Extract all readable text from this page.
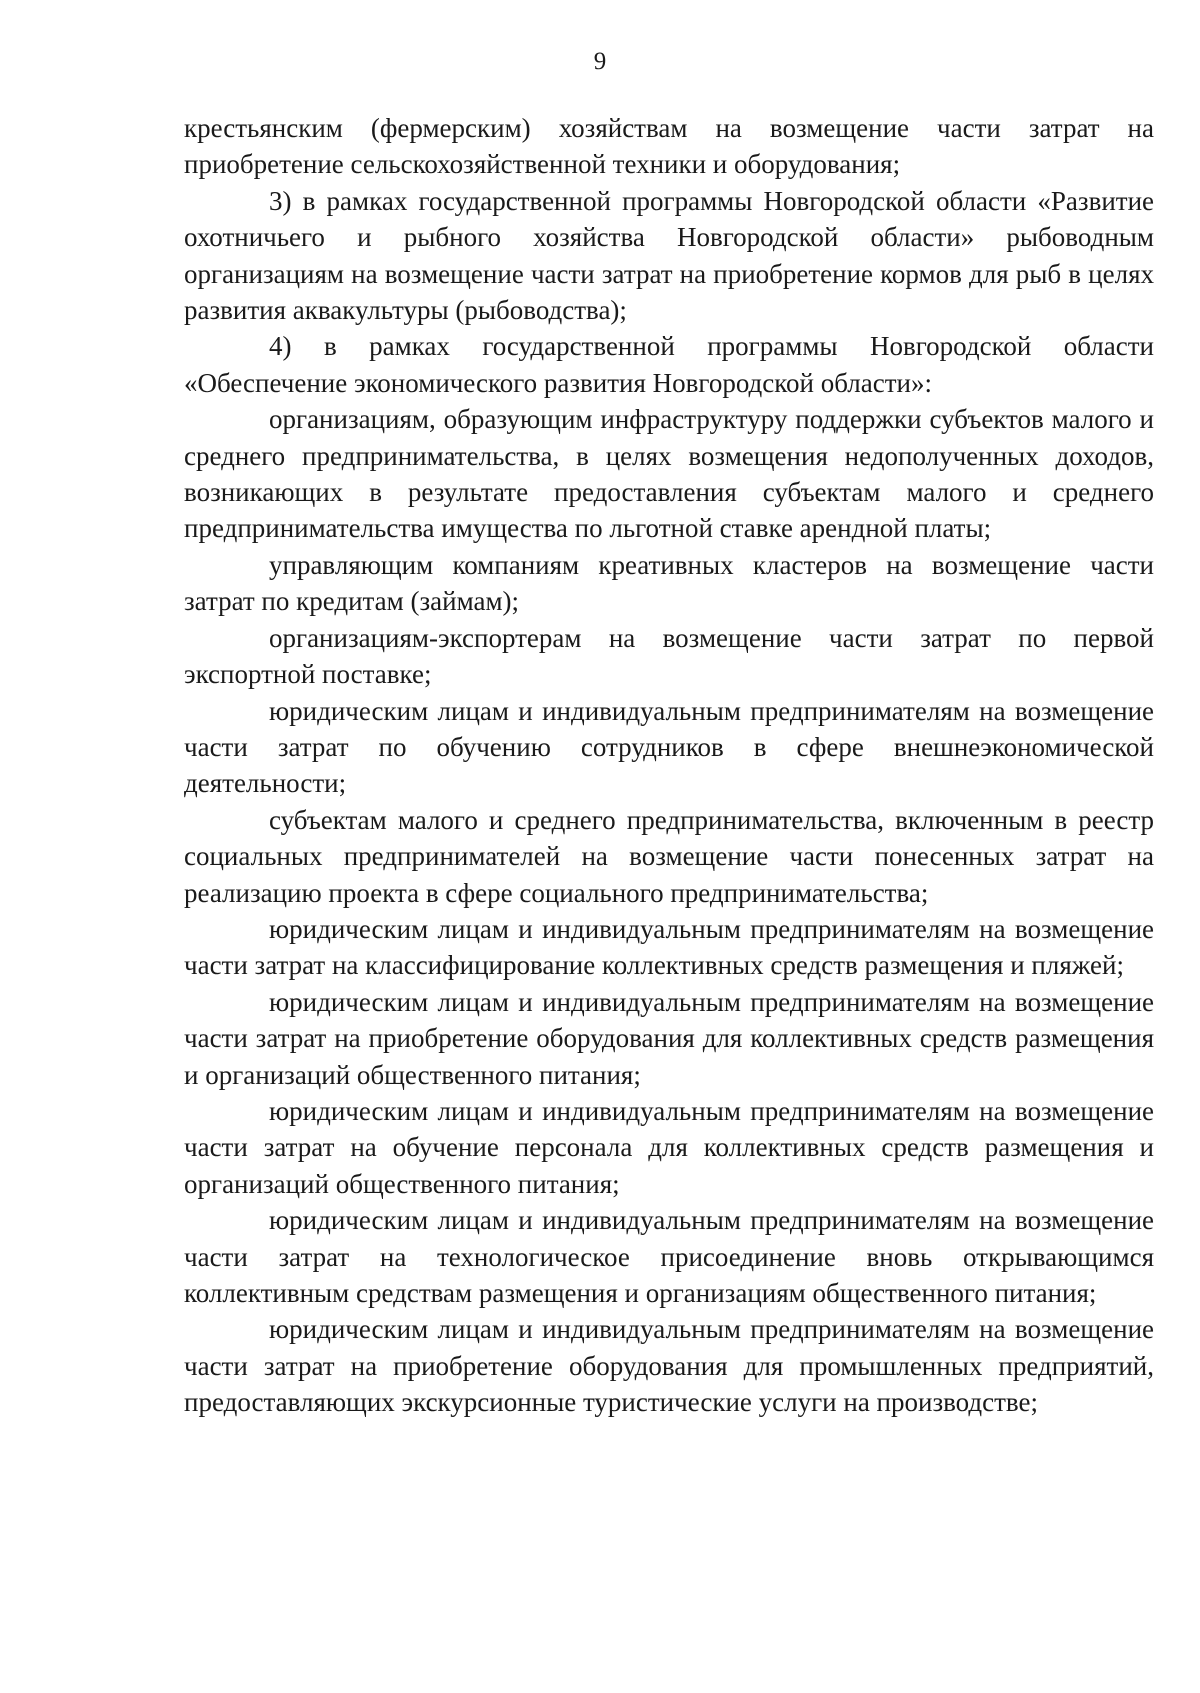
9

крестьянским (фермерским) хозяйствам на возмещение части затрат на приобретение сельскохозяйственной техники и оборудования;

3) в рамках государственной программы Новгородской области «Развитие охотничьего и рыбного хозяйства Новгородской области» рыбоводным организациям на возмещение части затрат на приобретение кормов для рыб в целях развития аквакультуры (рыбоводства);

4) в рамках государственной программы Новгородской области «Обеспечение экономического развития Новгородской области»:

организациям, образующим инфраструктуру поддержки субъектов малого и среднего предпринимательства, в целях возмещения недополученных доходов, возникающих в результате предоставления субъектам малого и среднего предпринимательства имущества по льготной ставке арендной платы;

управляющим компаниям креативных кластеров на возмещение части затрат по кредитам (займам);

организациям-экспортерам на возмещение части затрат по первой экспортной поставке;

юридическим лицам и индивидуальным предпринимателям на возмещение части затрат по обучению сотрудников в сфере внешнеэкономической деятельности;

субъектам малого и среднего предпринимательства, включенным в реестр социальных предпринимателей на возмещение части понесенных затрат на реализацию проекта в сфере социального предпринимательства;

юридическим лицам и индивидуальным предпринимателям на возмещение части затрат на классифицирование коллективных средств размещения и пляжей;

юридическим лицам и индивидуальным предпринимателям на возмещение части затрат на приобретение оборудования для коллективных средств размещения и организаций общественного питания;

юридическим лицам и индивидуальным предпринимателям на возмещение части затрат на обучение персонала для коллективных средств размещения и организаций общественного питания;

юридическим лицам и индивидуальным предпринимателям на возмещение части затрат на технологическое присоединение вновь открывающимся коллективным средствам размещения и организациям общественного питания;

юридическим лицам и индивидуальным предпринимателям на возмещение части затрат на приобретение оборудования для промышленных предприятий, предоставляющих экскурсионные туристические услуги на производстве;
